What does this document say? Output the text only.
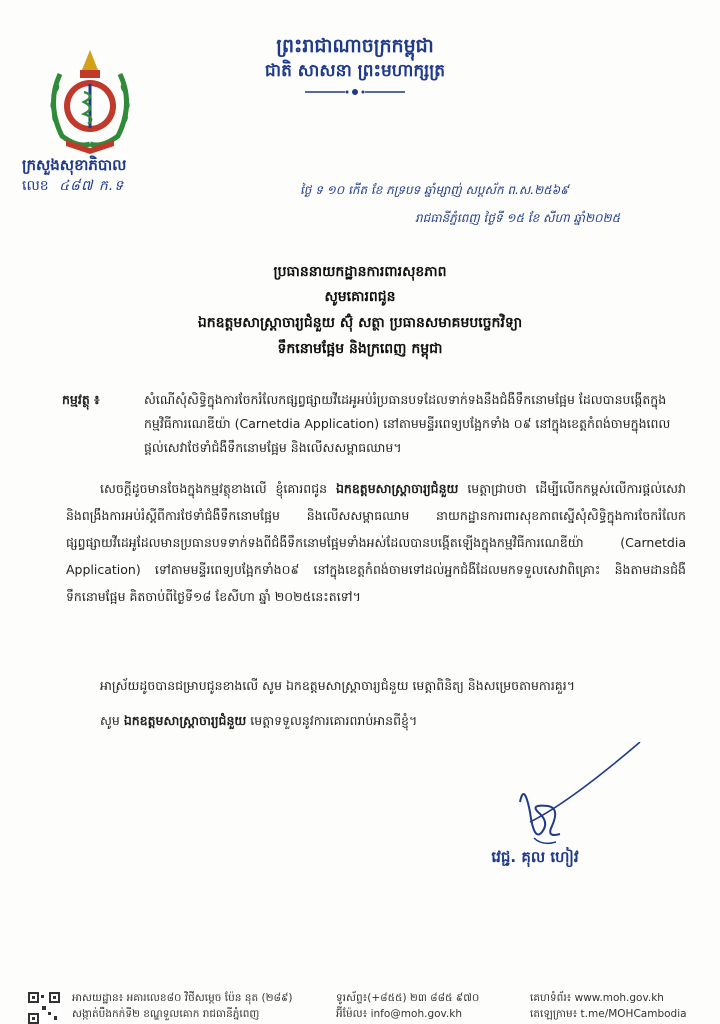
ព្រះរាជាណាចក្រកម្ពុជា
ជាតិ សាសនា ព្រះមហាក្សត្រ
ក្រសួងសុខាភិបាល
លេខ ៤៨៧ ក.ទ	ថ្ងៃ ទ ១០ កើត ខែ ភទ្របទ ឆ្នាំម្សាញ់ សប្តស័ក ព.ស.២៥៦៩
រាជធានីភ្នំពេញ ថ្ងៃទី ១៥ ខែ សីហា ឆ្នាំ២០២៥
ប្រធាននាយកដ្ឋានការពារសុខភាព
សូមគោរពជូន
ឯកឧត្តមសាស្ត្រាចារ្យជំនួយ ស៊ុំ សត្ថា ប្រធានសមាគមបច្ចេកវិទ្យា
ទឹកនោមផ្អែម និងក្រពេញ កម្ពុជា
កម្មវត្ថុ ៖	សំណើសុំសិទ្ធិក្នុងការចែករំលែកផ្សព្វផ្សាយវីដេអូអប់រំប្រធានបទដែលទាក់ទងនឹងជំងឺទឹកនោមផ្អែម ដែលបានបង្កើតក្នុងកម្មវិធីការណេឌីយ៉ា (Carnetdia Application) នៅតាមមន្ទីរពេទ្យបង្អែកទាំង ០៩ នៅក្នុងខេត្តកំពង់ចាមក្នុងពេលផ្តល់សេវាថែទាំជំងឺទឹកនោមផ្អែម និងលើសសម្ពាធឈាម។
សេចក្តីដូចមានចែងក្នុងកម្មវត្ថុខាងលើ ខ្ញុំគោរពជូន ឯកឧត្តមសាស្ត្រាចារ្យជំនួយ មេត្តាជ្រាបថា ដើម្បីលើកកម្ពស់លើការផ្តល់សេវា និងពង្រឹងការអប់រំស្តីពីការថែទាំជំងឺទឹកនោមផ្អែម និងលើសសម្ពាធឈាម នាយកដ្ឋានការពារសុខភាពស្នើសុំសិទ្ធិក្នុងការចែករំលែកផ្សព្វផ្សាយវីដេអូដែលមានប្រធានបទទាក់ទងពីជំងឺទឹកនោមផ្អែមទាំងអស់ដែលបានបង្កើតឡើងក្នុងកម្មវិធីការណេឌីយ៉ា (Carnetdia Application) ទៅតាមមន្ទីរពេទ្យបង្អែកទាំង០៩ នៅក្នុងខេត្តកំពង់ចាមទៅដល់អ្នកជំងឺដែលមកទទួលសេវាពិគ្រោះ និងតាមដានជំងឺទឹកនោមផ្អែម គិតចាប់ពីថ្ងៃទី១៨ ខែសីហា ឆ្នាំ ២០២៥នេះតទៅ។
អាស្រ័យដូចបានជម្រាបជូនខាងលើ សូម ឯកឧត្តមសាស្ត្រាចារ្យជំនួយ មេត្តាពិនិត្យ និងសម្រេចតាមការគួរ។
សូម ឯកឧត្តមសាស្ត្រាចារ្យជំនួយ មេត្តាទទួលនូវការគោរពរាប់អានពីខ្ញុំ។
វេជ្ជ. គុល ហៀវ
អាសយដ្ឋាន៖ អគារលេខ៨០ វិថីសម្តេច ប៉ែន នុត (២៨៩)
សង្កាត់បឹងកក់ទី២ ខណ្ឌទួលគោក រាជធានីភ្នំពេញ
ទូរស័ព្ទ៖(+៨៥៥) ២៣ ៨៨៥ ៩៧០
អ៊ីម៉ែល៖ info@moh.gov.kh
គេហទំព័រ៖ www.moh.gov.kh
តេឡេក្រាម៖ t.me/MOHCambodia
